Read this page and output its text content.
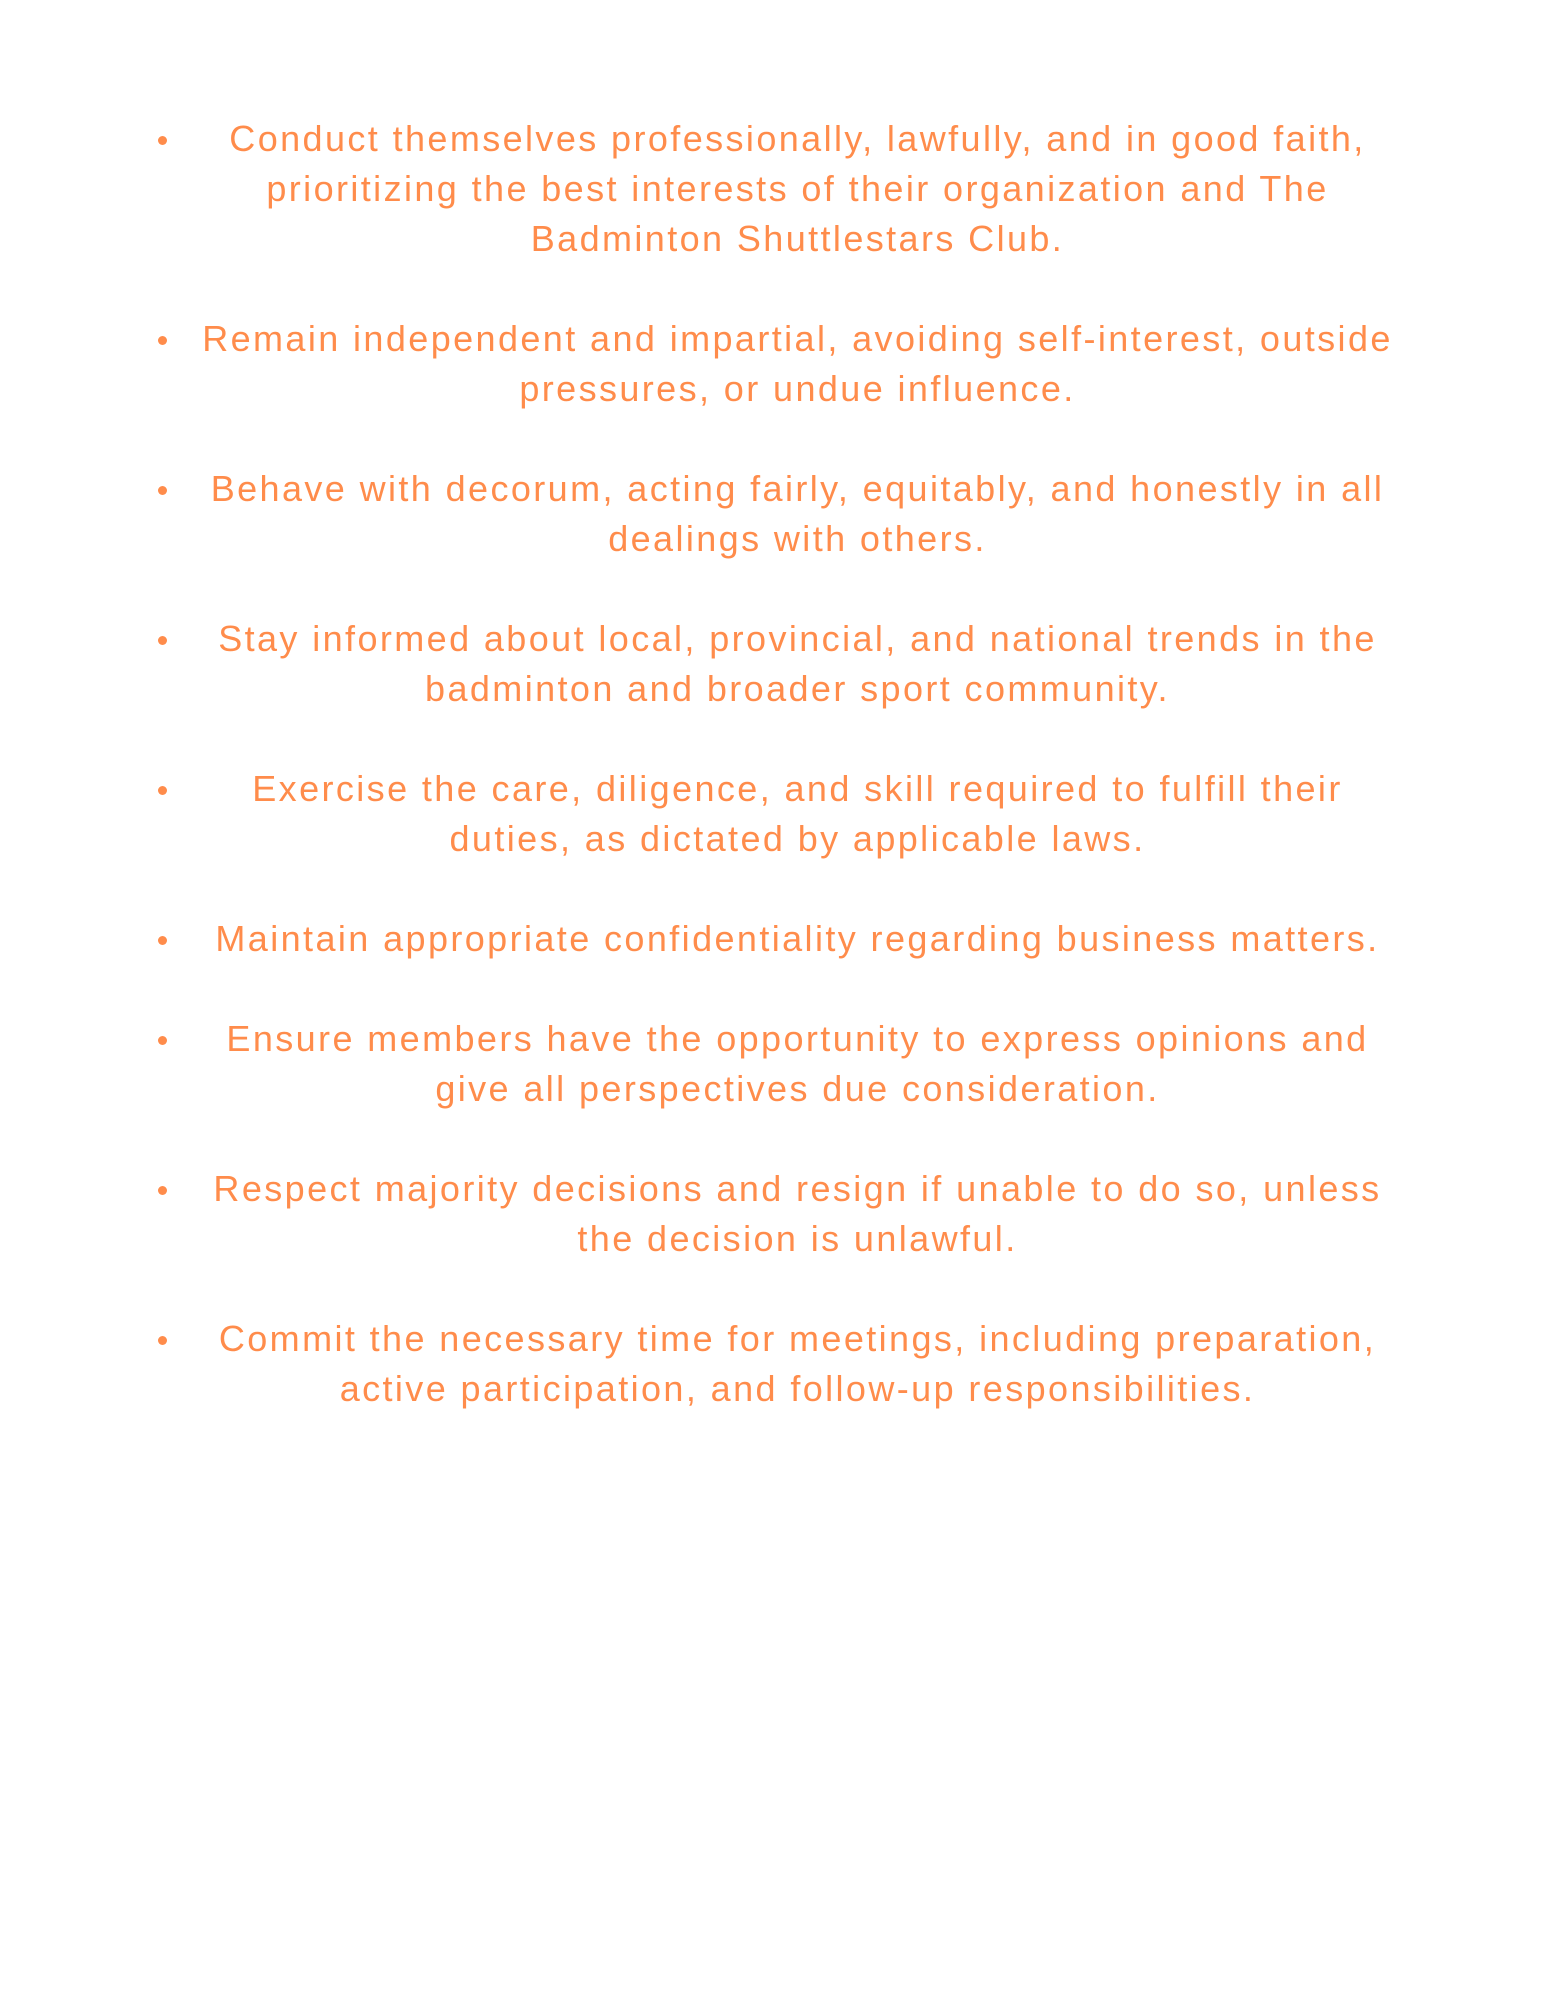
Conduct themselves professionally, lawfully, and in good faith, prioritizing the best interests of their organization and The Badminton Shuttlestars Club.
Remain independent and impartial, avoiding self-interest, outside pressures, or undue influence.
Behave with decorum, acting fairly, equitably, and honestly in all dealings with others.
Stay informed about local, provincial, and national trends in the badminton and broader sport community.
Exercise the care, diligence, and skill required to fulfill their duties, as dictated by applicable laws.
Maintain appropriate confidentiality regarding business matters.
Ensure members have the opportunity to express opinions and give all perspectives due consideration.
Respect majority decisions and resign if unable to do so, unless the decision is unlawful.
Commit the necessary time for meetings, including preparation, active participation, and follow-up responsibilities.
